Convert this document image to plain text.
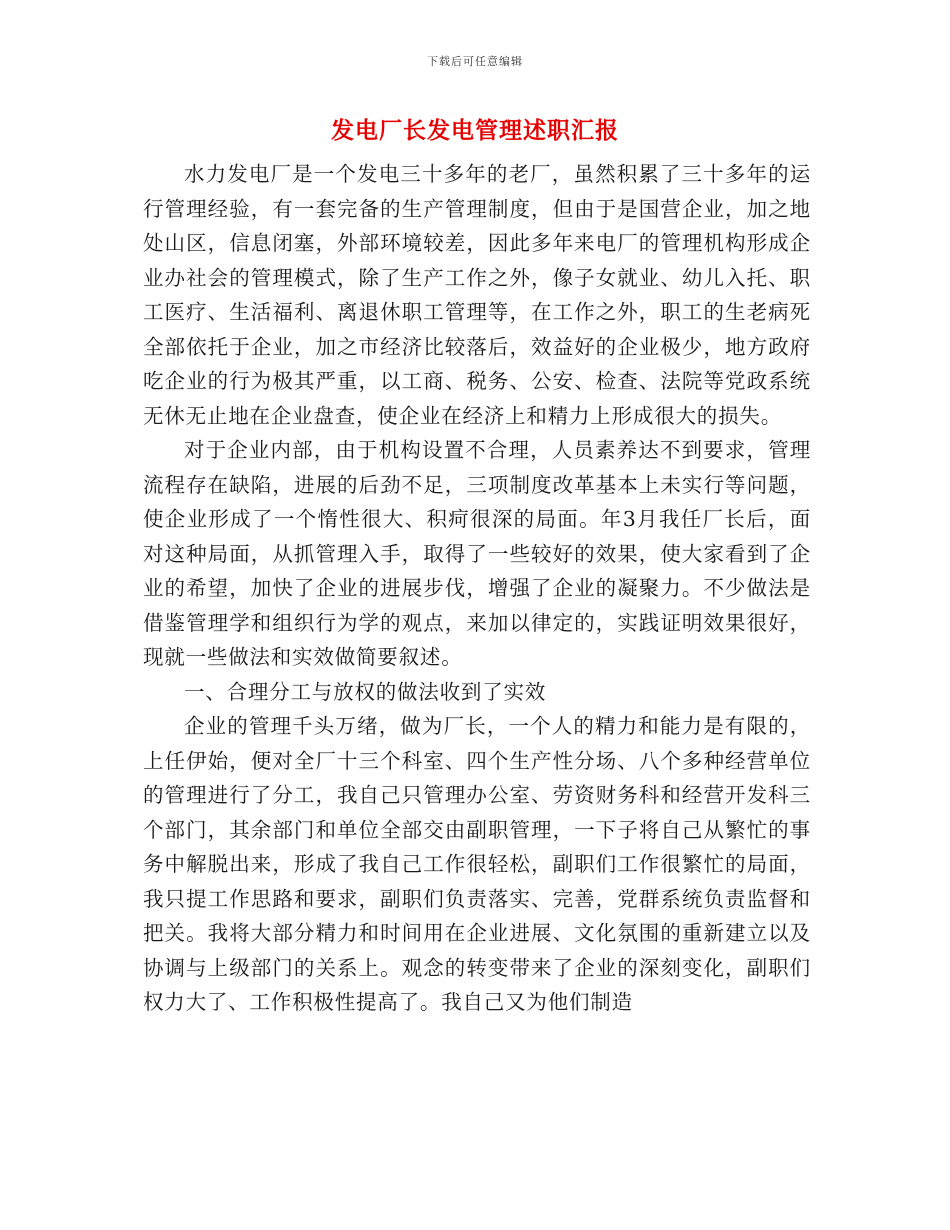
下载后可任意编辑
发电厂长发电管理述职汇报

水力发电厂是一个发电三十多年的老厂，虽然积累了三十多年的运行管理经验，有一套完备的生产管理制度，但由于是国营企业，加之地处山区，信息闭塞，外部环境较差，因此多年来电厂的管理机构形成企业办社会的管理模式，除了生产工作之外，像子女就业、幼儿入托、职工医疗、生活福利、离退休职工管理等，在工作之外，职工的生老病死全部依托于企业，加之市经济比较落后，效益好的企业极少，地方政府吃企业的行为极其严重，以工商、税务、公安、检查、法院等党政系统无休无止地在企业盘查，使企业在经济上和精力上形成很大的损失。

对于企业内部，由于机构设置不合理，人员素养达不到要求，管理流程存在缺陷，进展的后劲不足，三项制度改革基本上未实行等问题，使企业形成了一个惰性很大、积疴很深的局面。年3月我任厂长后，面对这种局面，从抓管理入手，取得了一些较好的效果，使大家看到了企业的希望，加快了企业的进展步伐，增强了企业的凝聚力。不少做法是借鉴管理学和组织行为学的观点，来加以律定的，实践证明效果很好，现就一些做法和实效做简要叙述。

一、合理分工与放权的做法收到了实效

企业的管理千头万绪，做为厂长，一个人的精力和能力是有限的，上任伊始，便对全厂十三个科室、四个生产性分场、八个多种经营单位的管理进行了分工，我自己只管理办公室、劳资财务科和经营开发科三个部门，其余部门和单位全部交由副职管理，一下子将自己从繁忙的事务中解脱出来，形成了我自己工作很轻松，副职们工作很繁忙的局面，我只提工作思路和要求，副职们负责落实、完善，党群系统负责监督和把关。我将大部分精力和时间用在企业进展、文化氛围的重新建立以及协调与上级部门的关系上。观念的转变带来了企业的深刻变化，副职们权力大了、工作积极性提高了。我自己又为他们制造
